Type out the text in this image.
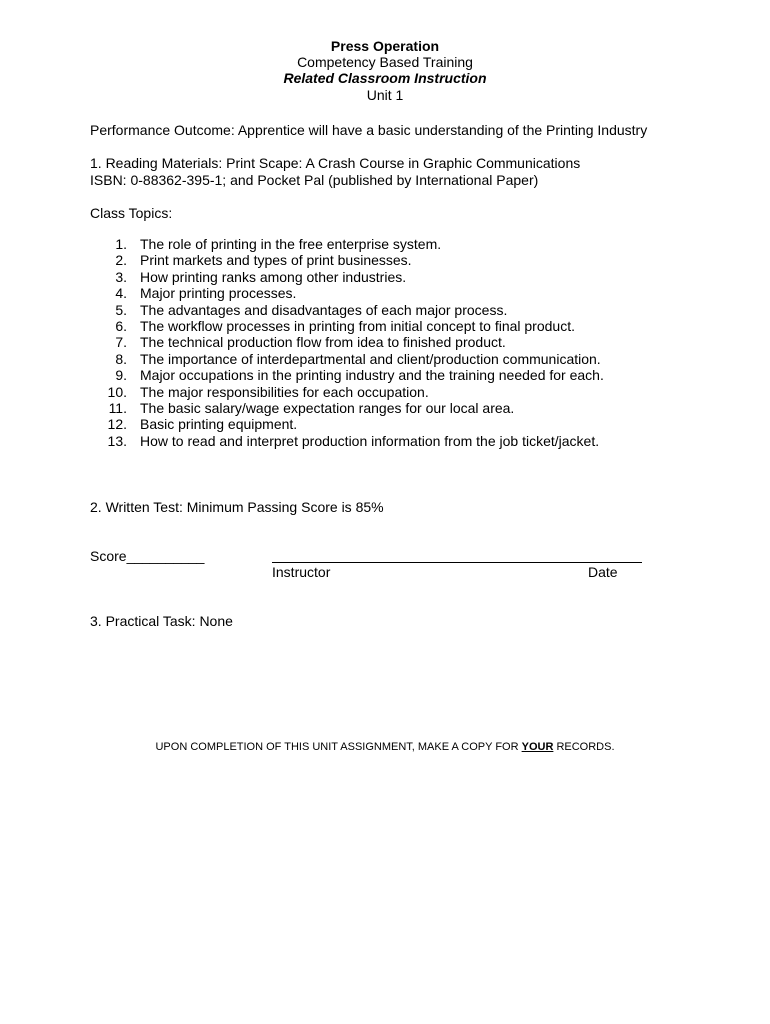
Press Operation
Competency Based Training
Related Classroom Instruction
Unit 1
Performance Outcome: Apprentice will have a basic understanding of the Printing Industry
1. Reading Materials: Print Scape: A Crash Course in Graphic Communications
ISBN: 0-88362-395-1; and Pocket Pal (published by International Paper)
Class Topics:
1. The role of printing in the free enterprise system.
2. Print markets and types of print businesses.
3. How printing ranks among other industries.
4. Major printing processes.
5. The advantages and disadvantages of each major process.
6. The workflow processes in printing from initial concept to final product.
7. The technical production flow from idea to finished product.
8. The importance of interdepartmental and client/production communication.
9. Major occupations in the printing industry and the training needed for each.
10. The major responsibilities for each occupation.
11. The basic salary/wage expectation ranges for our local area.
12. Basic printing equipment.
13. How to read and interpret production information from the job ticket/jacket.
2. Written Test: Minimum Passing Score is 85%
Score__________
Instructor	Date
3. Practical Task: None
UPON COMPLETION OF THIS UNIT ASSIGNMENT, MAKE A COPY FOR YOUR RECORDS.
